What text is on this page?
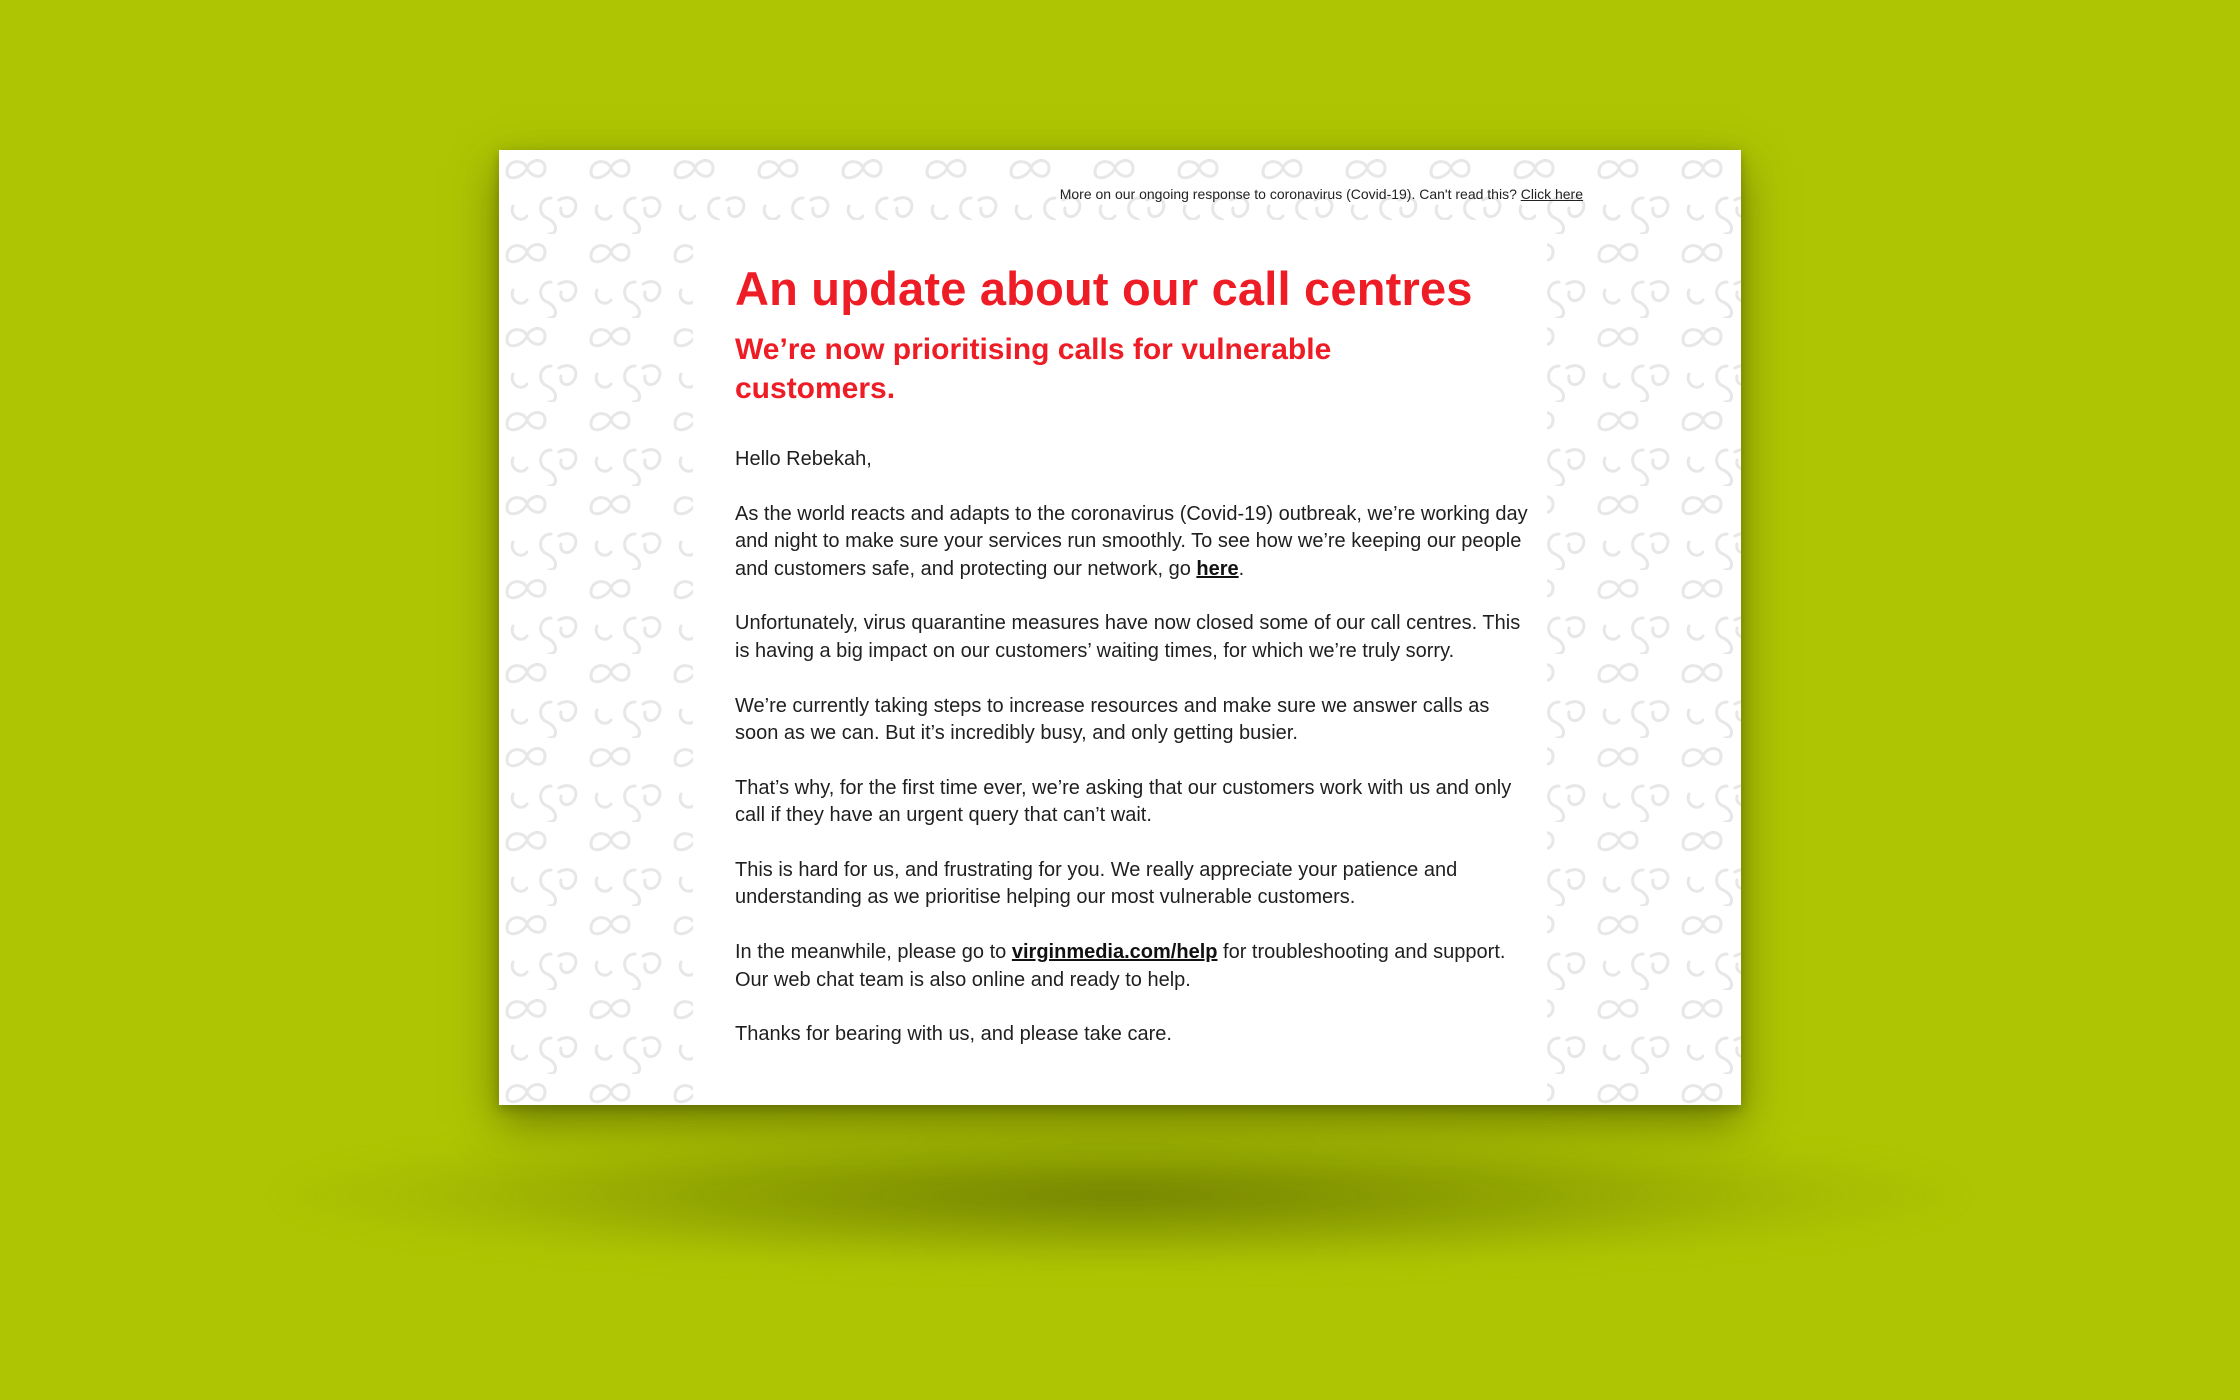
More on our ongoing response to coronavirus (Covid-19). Can't read this? Click here
An update about our call centres
We’re now prioritising calls for vulnerable customers.

Hello Rebekah,

As the world reacts and adapts to the coronavirus (Covid-19) outbreak, we’re working day and night to make sure your services run smoothly. To see how we’re keeping our people and customers safe, and protecting our network, go here.

Unfortunately, virus quarantine measures have now closed some of our call centres. This is having a big impact on our customers’ waiting times, for which we’re truly sorry.

We’re currently taking steps to increase resources and make sure we answer calls as soon as we can. But it’s incredibly busy, and only getting busier.

That’s why, for the first time ever, we’re asking that our customers work with us and only call if they have an urgent query that can’t wait.

This is hard for us, and frustrating for you. We really appreciate your patience and understanding as we prioritise helping our most vulnerable customers.

In the meanwhile, please go to virginmedia.com/help for troubleshooting and support. Our web chat team is also online and ready to help.

Thanks for bearing with us, and please take care.
